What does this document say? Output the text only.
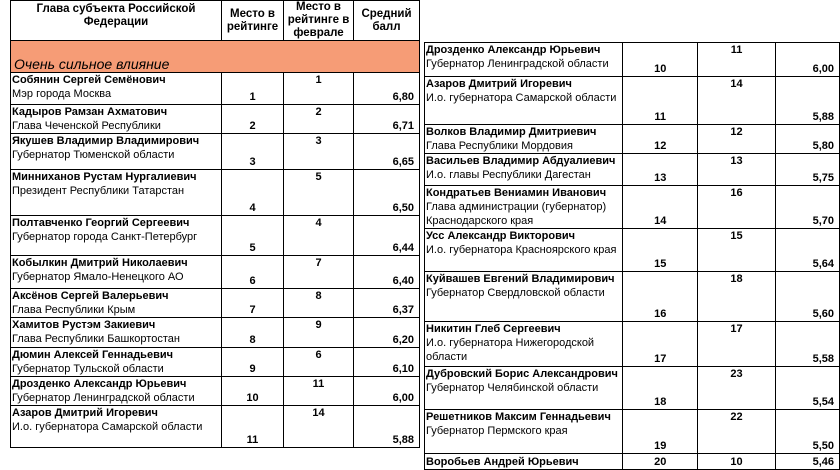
Глава субъекта Российской Федерации	Место в рейтинге	Место в рейтинге в феврале	Средний балл
Очень сильное влияние			

Собянин Сергей Семёнович
Мэр города Москва	1	1	6,80

Кадыров Рамзан Ахматович
Глава Чеченской Республики	2	2	6,71

Якушев Владимир Владимирович
Губернатор Тюменской области	3	3	6,65

Минниханов Рустам Нургалиевич
Президент Республики Татарстан	4	5	6,50

Полтавченко Георгий Сергеевич
Губернатор города Санкт-Петербург	5	4	6,44

Кобылкин Дмитрий Николаевич
Губернатор Ямало-Ненецкого АО	6	7	6,40

Аксёнов Сергей Валерьевич
Глава Республики Крым	7	8	6,37

Хамитов Рустэм Закиевич
Глава Республики Башкортостан	8	9	6,20

Дюмин Алексей Геннадьевич
Губернатор Тульской области	9	6	6,10

Дрозденко Александр Юрьевич
Губернатор Ленинградской области	10	11	6,00

Азаров Дмитрий Игоревич
И.о. губернатора Самарской области	11	14	5,88
Дрозденко Александр Юрьевич
Губернатор Ленинградской области	10	11	6,00

Азаров Дмитрий Игоревич
И.о. губернатора Самарской области	11	14	5,88

Волков Владимир Дмитриевич
Глава Республики Мордовия	12	12	5,80

Васильев Владимир Абдуалиевич
И.о. главы Республики Дагестан	13	13	5,75

Кондратьев Вениамин Иванович
Глава администрации (губернатор) Краснодарского края	14	16	5,70

Усс Александр Викторович
И.о. губернатора Красноярского края	15	15	5,64

Куйвашев Евгений Владимирович
Губернатор Свердловской области	16	18	5,60

Никитин Глеб Сергеевич
И.о. губернатора Нижегородской области	17	17	5,58

Дубровский Борис Александрович
Губернатор Челябинской области	18	23	5,54

Решетников Максим Геннадьевич
Губернатор Пермского края	19	22	5,50

Воробьев Андрей Юрьевич	20	10	5,46
